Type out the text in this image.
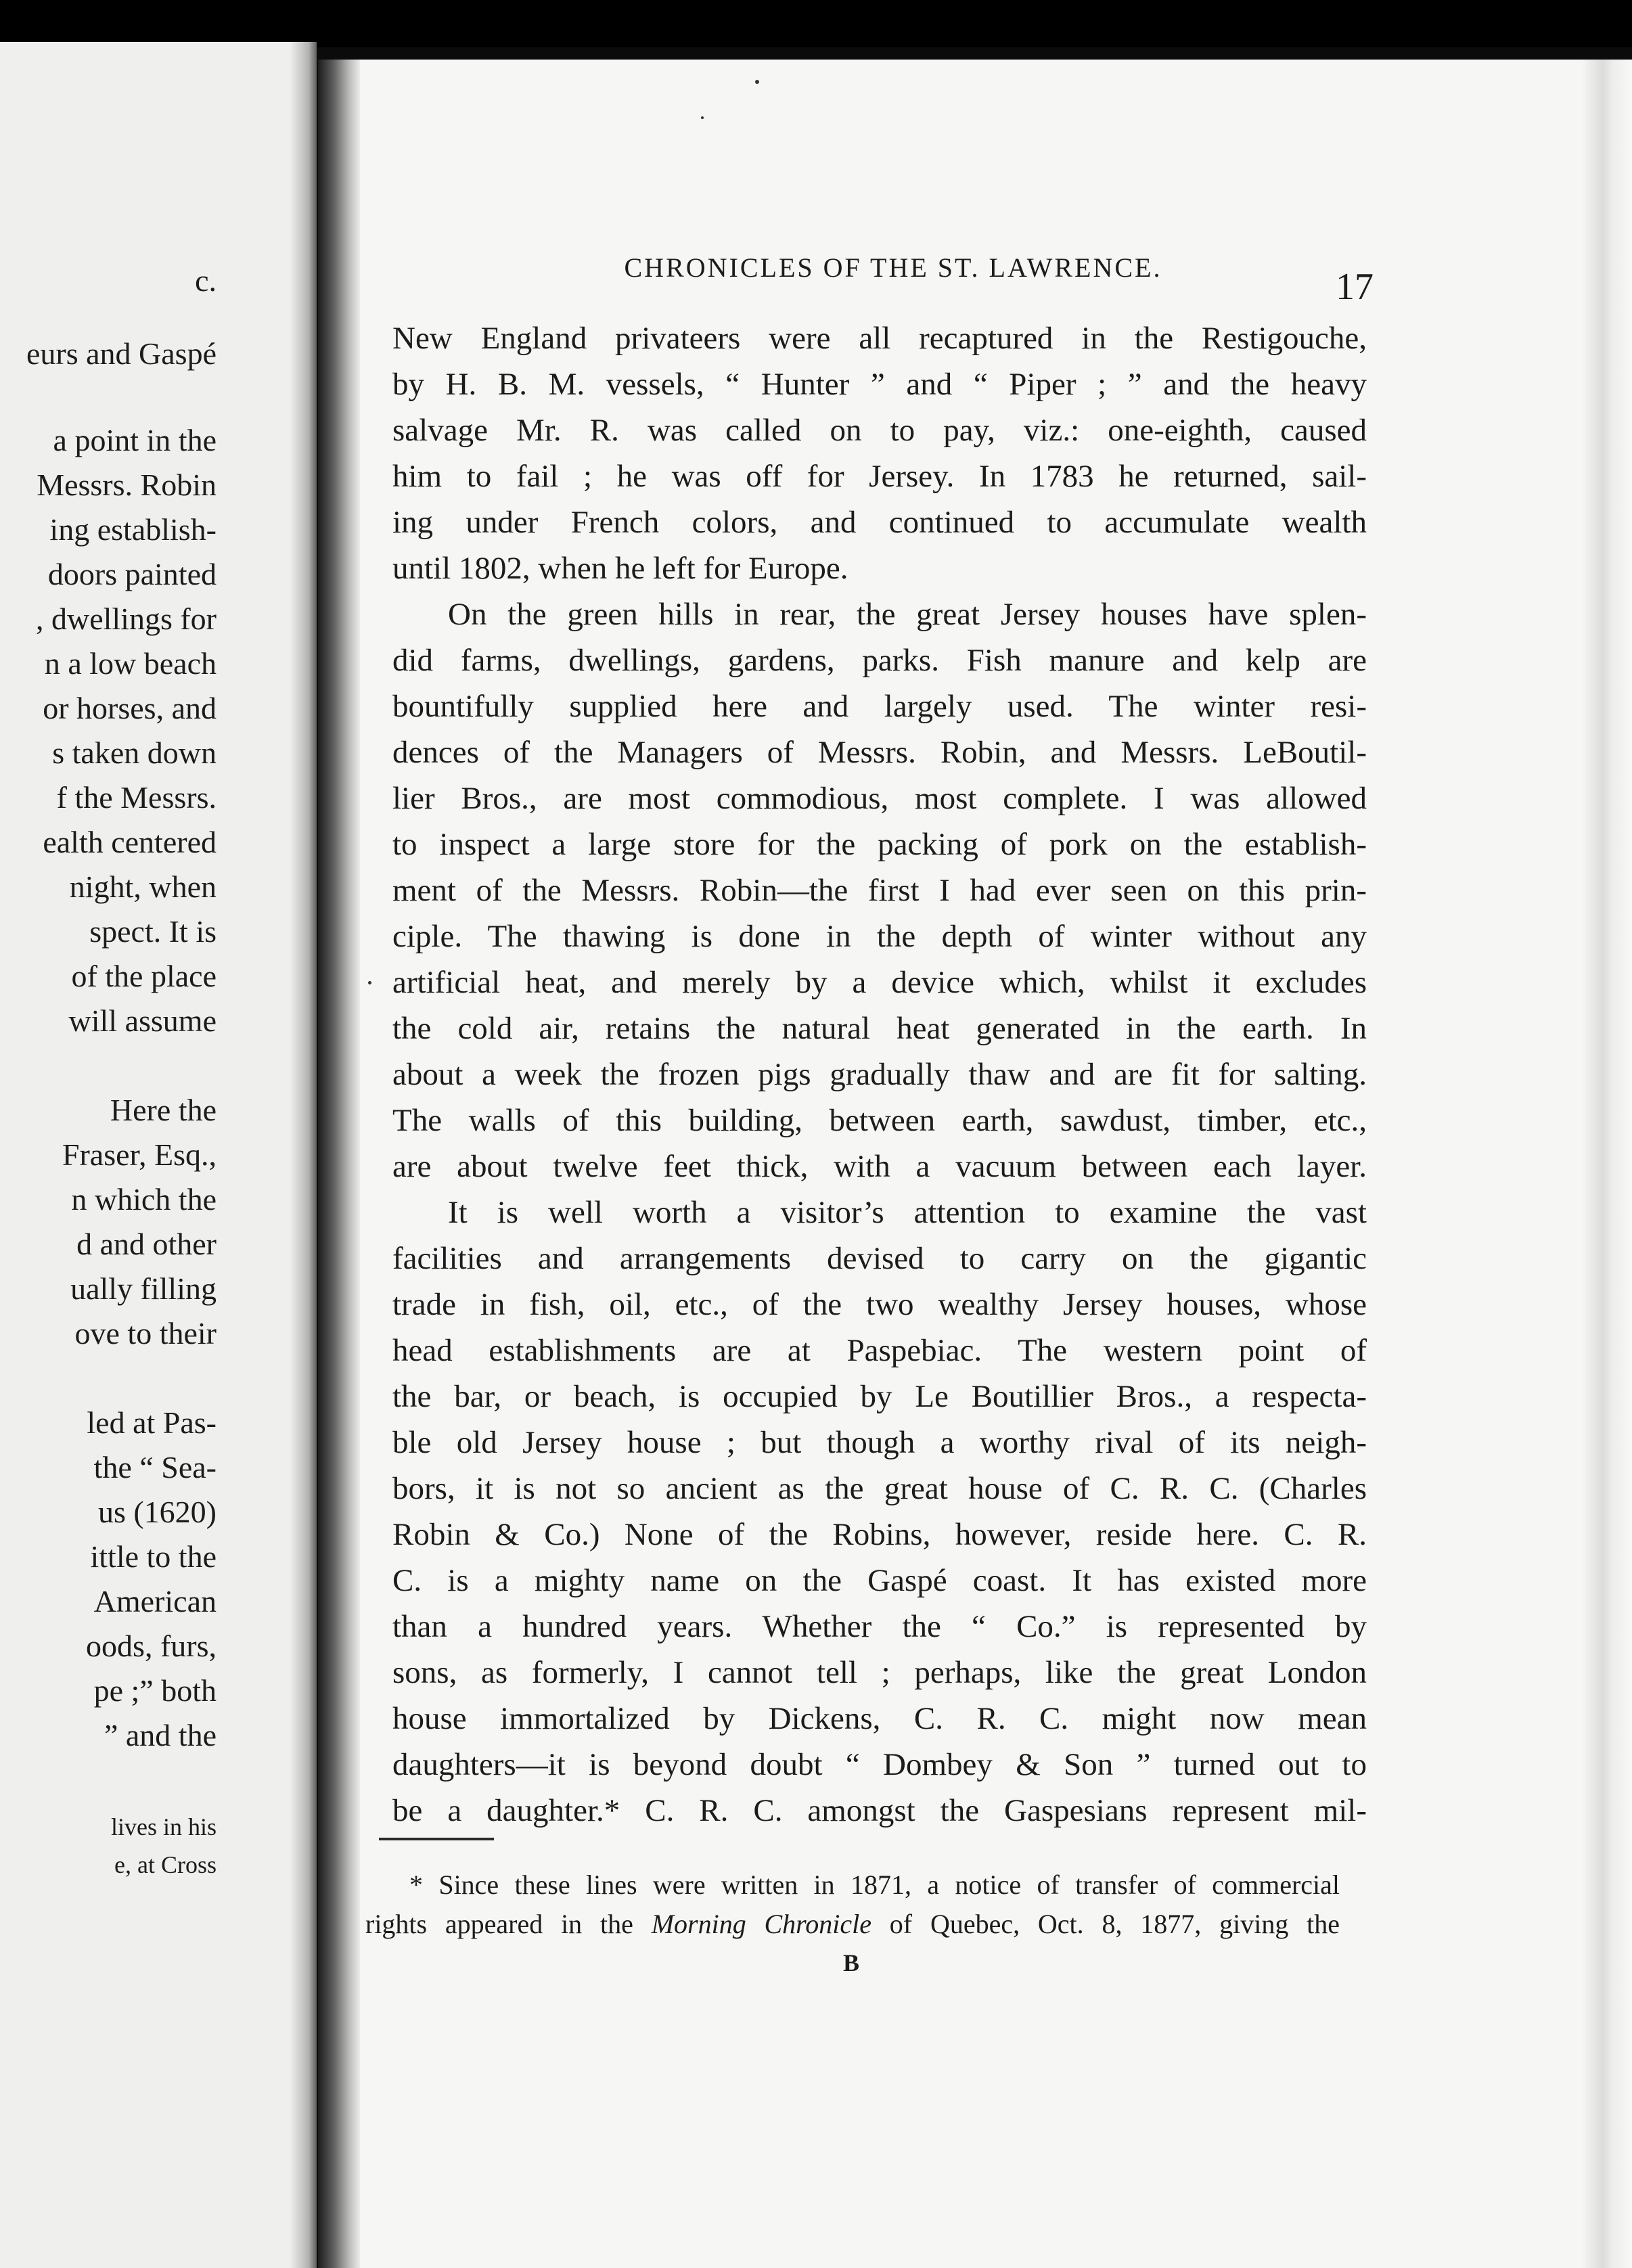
c.
eurs and Gaspé
a point in the
Messrs. Robin
ing establish-
doors painted
, dwellings for
n a low beach
or horses, and
s taken down
f the Messrs.
ealth centered
night, when
spect. It is
of the place
will assume
Here the
Fraser, Esq.,
n which the
d and other
ually filling
ove to their
led at Pas-
the “ Sea-
us (1620)
ittle to the
American
oods, furs,
pe ;” both
” and the
lives in his
e, at Cross
CHRONICLES OF THE ST. LAWRENCE.	17
New England privateers were all recaptured in the Restigouche,
by H. B. M. vessels, “ Hunter ” and “ Piper ; ” and the heavy
salvage Mr. R. was called on to pay, viz.: one-eighth, caused
him to fail ; he was off for Jersey. In 1783 he returned, sail-
ing under French colors, and continued to accumulate wealth
until 1802, when he left for Europe.
On the green hills in rear, the great Jersey houses have splen-
did farms, dwellings, gardens, parks. Fish manure and kelp are
bountifully supplied here and largely used. The winter resi-
dences of the Managers of Messrs. Robin, and Messrs. LeBoutil-
lier Bros., are most commodious, most complete. I was allowed
to inspect a large store for the packing of pork on the establish-
ment of the Messrs. Robin—the first I had ever seen on this prin-
ciple. The thawing is done in the depth of winter without any
artificial heat, and merely by a device which, whilst it excludes
the cold air, retains the natural heat generated in the earth. In
about a week the frozen pigs gradually thaw and are fit for salting.
The walls of this building, between earth, sawdust, timber, etc.,
are about twelve feet thick, with a vacuum between each layer.
It is well worth a visitor’s attention to examine the vast
facilities and arrangements devised to carry on the gigantic
trade in fish, oil, etc., of the two wealthy Jersey houses, whose
head establishments are at Paspebiac. The western point of
the bar, or beach, is occupied by Le Boutillier Bros., a respecta-
ble old Jersey house ; but though a worthy rival of its neigh-
bors, it is not so ancient as the great house of C. R. C. (Charles
Robin & Co.) None of the Robins, however, reside here. C. R.
C. is a mighty name on the Gaspé coast. It has existed more
than a hundred years. Whether the “ Co.” is represented by
sons, as formerly, I cannot tell ; perhaps, like the great London
house immortalized by Dickens, C. R. C. might now mean
daughters—it is beyond doubt “ Dombey & Son ” turned out to
be a daughter.* C. R. C. amongst the Gaspesians represent mil-
* Since these lines were written in 1871, a notice of transfer of commercial
rights appeared in the Morning Chronicle of Quebec, Oct. 8, 1877, giving the
B
